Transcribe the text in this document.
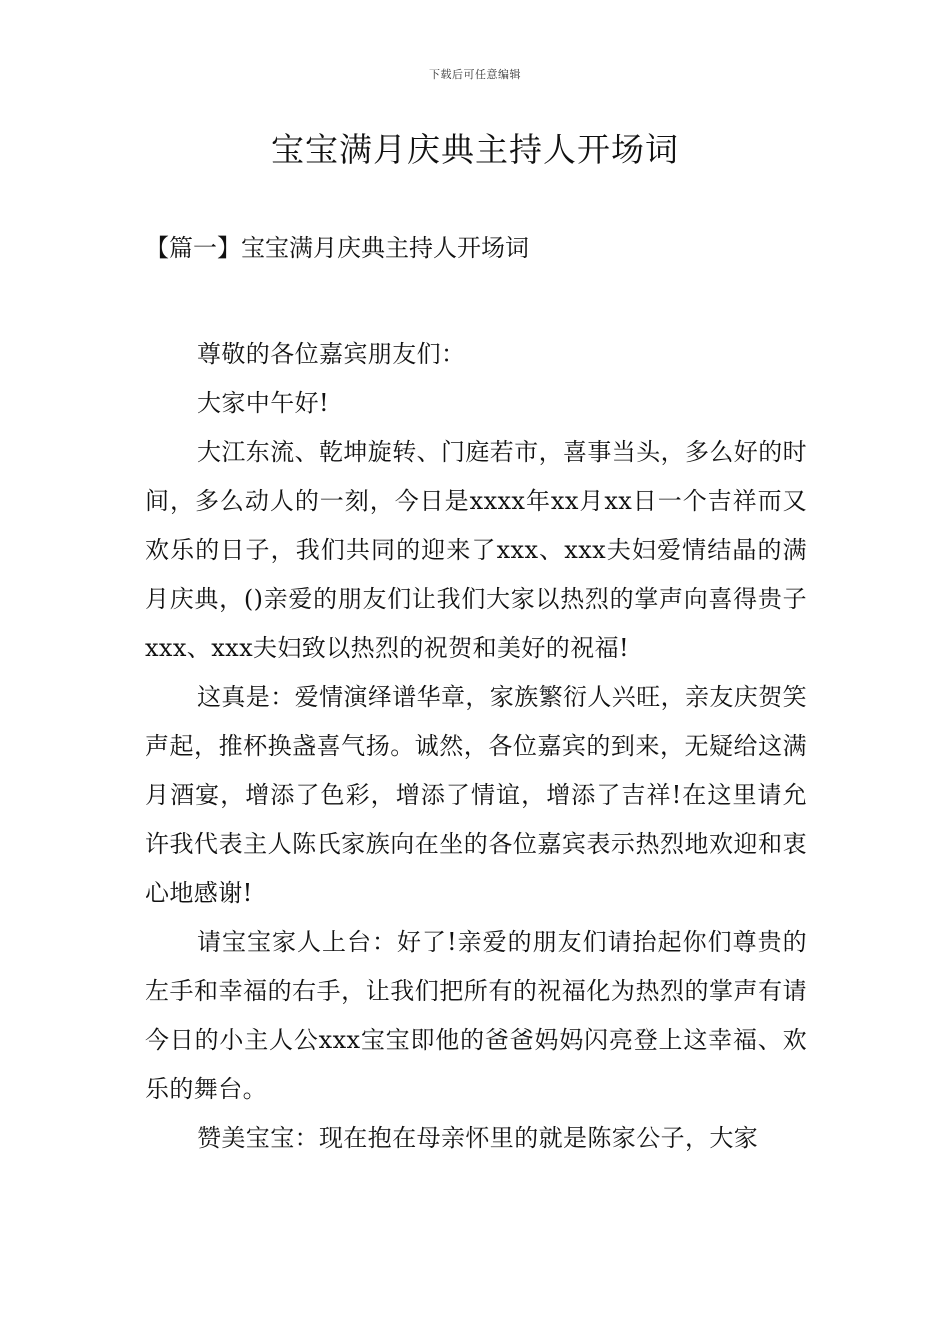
下载后可任意编辑
宝宝满月庆典主持人开场词
【篇一】宝宝满月庆典主持人开场词

尊敬的各位嘉宾朋友们：

大家中午好!

大江东流、乾坤旋转、门庭若市，喜事当头，多么好的时间，多么动人的一刻，今日是xxxx年xx月xx日一个吉祥而又欢乐的日子，我们共同的迎来了xxx、xxx夫妇爱情结晶的满月庆典，()亲爱的朋友们让我们大家以热烈的掌声向喜得贵子xxx、xxx夫妇致以热烈的祝贺和美好的祝福!

这真是：爱情演绎谱华章，家族繁衍人兴旺，亲友庆贺笑声起，推杯换盏喜气扬。诚然，各位嘉宾的到来，无疑给这满月酒宴，增添了色彩，增添了情谊，增添了吉祥!在这里请允许我代表主人陈氏家族向在坐的各位嘉宾表示热烈地欢迎和衷心地感谢!

请宝宝家人上台：好了!亲爱的朋友们请抬起你们尊贵的左手和幸福的右手，让我们把所有的祝福化为热烈的掌声有请今日的小主人公xxx宝宝即他的爸爸妈妈闪亮登上这幸福、欢乐的舞台。

赞美宝宝：现在抱在母亲怀里的就是陈家公子，大家
